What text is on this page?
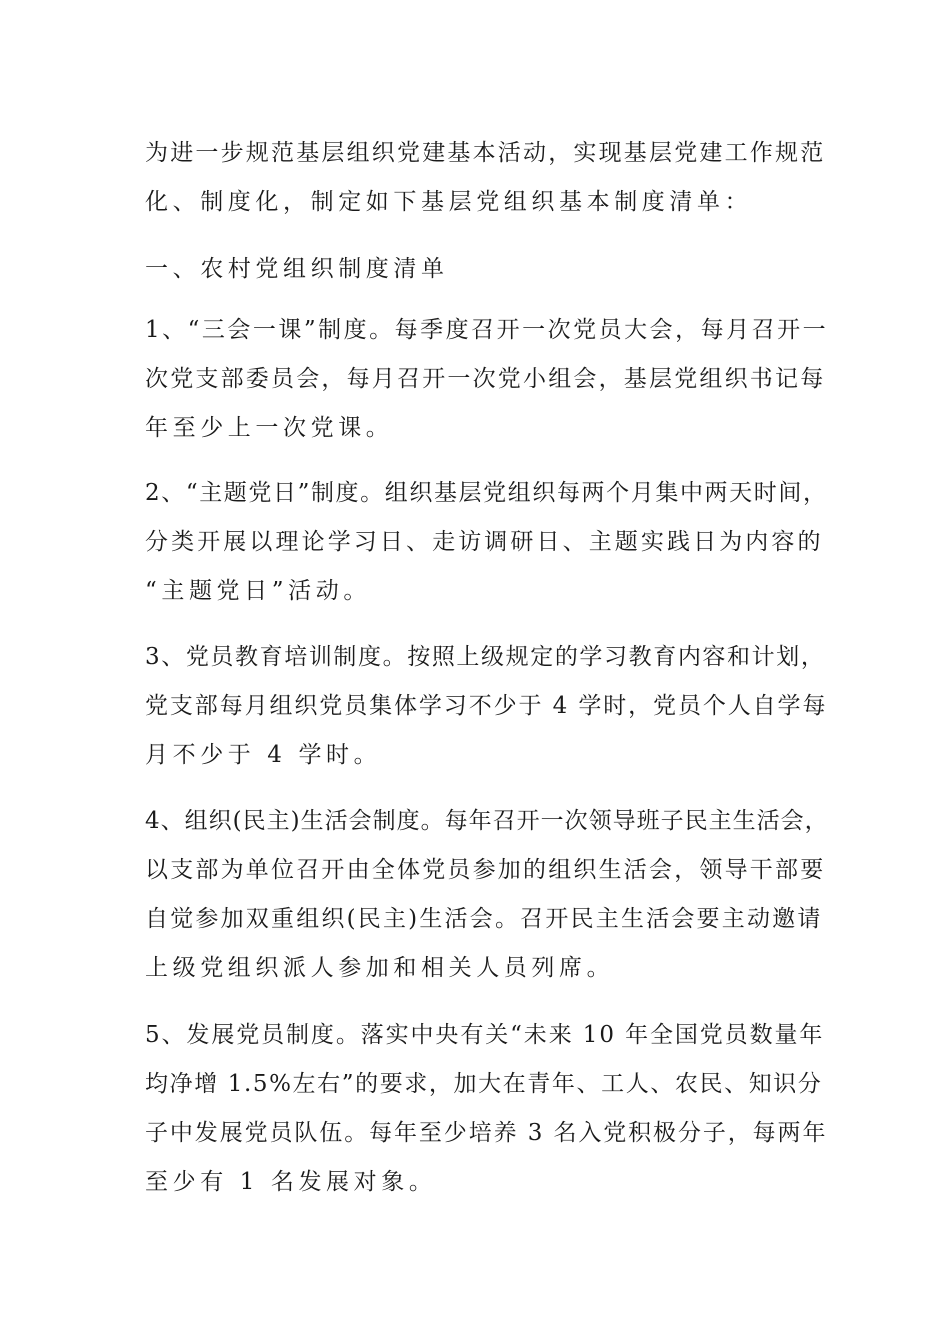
为进一步规范基层组织党建基本活动，实现基层党建工作规范
化、制度化，制定如下基层党组织基本制度清单：
一、农村党组织制度清单
1、“三会一课”制度。每季度召开一次党员大会，每月召开一
次党支部委员会，每月召开一次党小组会，基层党组织书记每
年至少上一次党课。
2、“主题党日”制度。组织基层党组织每两个月集中两天时间，
分类开展以理论学习日、走访调研日、主题实践日为内容的
“主题党日”活动。
3、党员教育培训制度。按照上级规定的学习教育内容和计划，
党支部每月组织党员集体学习不少于 4 学时，党员个人自学每
月不少于 4 学时。
4、组织(民主)生活会制度。每年召开一次领导班子民主生活会，
以支部为单位召开由全体党员参加的组织生活会，领导干部要
自觉参加双重组织(民主)生活会。召开民主生活会要主动邀请
上级党组织派人参加和相关人员列席。
5、发展党员制度。落实中央有关“未来 10 年全国党员数量年
均净增 1.5%左右”的要求，加大在青年、工人、农民、知识分
子中发展党员队伍。每年至少培养 3 名入党积极分子，每两年
至少有 1 名发展对象。
